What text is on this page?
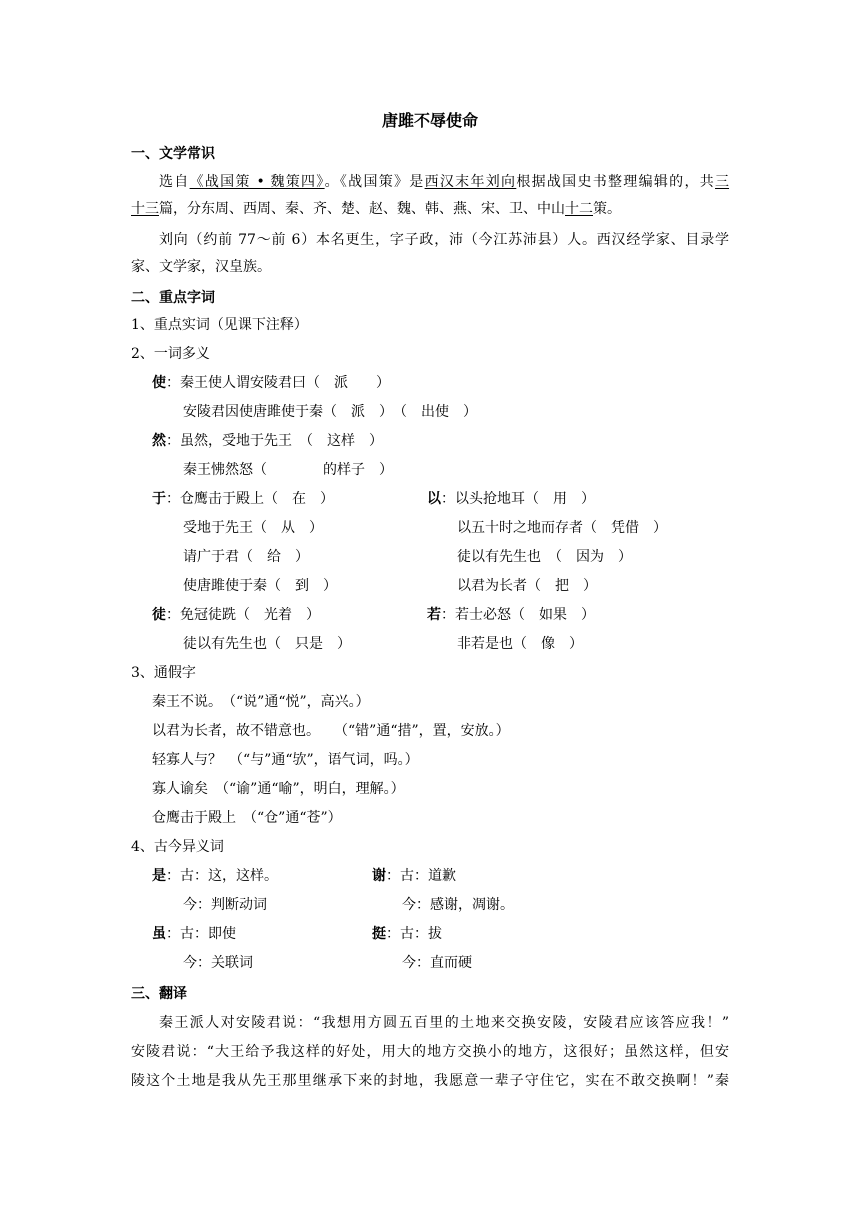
唐雎不辱使命
一、文学常识
选自《战国策 • 魏策四》。《战国策》是西汉末年刘向根据战国史书整理编辑的，共三
十三篇，分东周、西周、秦、齐、楚、赵、魏、韩、燕、宋、卫、中山十二策。
刘向（约前 77～前 6）本名更生，字子政，沛（今江苏沛县）人。西汉经学家、目录学
家、文学家，汉皇族。
二、重点字词
1、重点实词（见课下注释）
2、一词多义
使：秦王使人谓安陵君曰（　派　　）
安陵君因使唐雎使于秦（　派　）　（　出使　）
然：虽然，受地于先王　（　这样　）
秦王怫然怒（　　　　的样子　）
于：仓鹰击于殿上（　在　）
受地于先王（　从　）
请广于君（　给　）
使唐雎使于秦（　到　）
以：以头抢地耳（　用　）
以五十时之地而存者（　凭借　）
徒以有先生也　（　因为　）
以君为长者（　把　）
徒：免冠徒跣（　光着　）
徒以有先生也（　只是　）
若：若士必怒（　如果　）
非若是也（　像　）
3、通假字
秦王不说。　（“说”通“悦”，高兴。）
以君为长者，故不错意也。　　（“错”通“措”，置，安放。）
轻寡人与？　（“与”通“欤”，语气词，吗。）
寡人谕矣　（“谕”通“喻”，明白，理解。）
仓鹰击于殿上　（“仓”通“苍”）
4、古今异义词
是：古：这，这样。
今：判断动词
谢：古：道歉
今：感谢，凋谢。
虽：古：即使
今：关联词
挺：古：拔
今：直而硬
三、翻译
秦王派人对安陵君说：“我想用方圆五百里的土地来交换安陵，安陵君应该答应我！”
安陵君说：“大王给予我这样的好处，用大的地方交换小的地方，这很好；虽然这样，但安
陵这个土地是我从先王那里继承下来的封地，我愿意一辈子守住它，实在不敢交换啊！”秦
